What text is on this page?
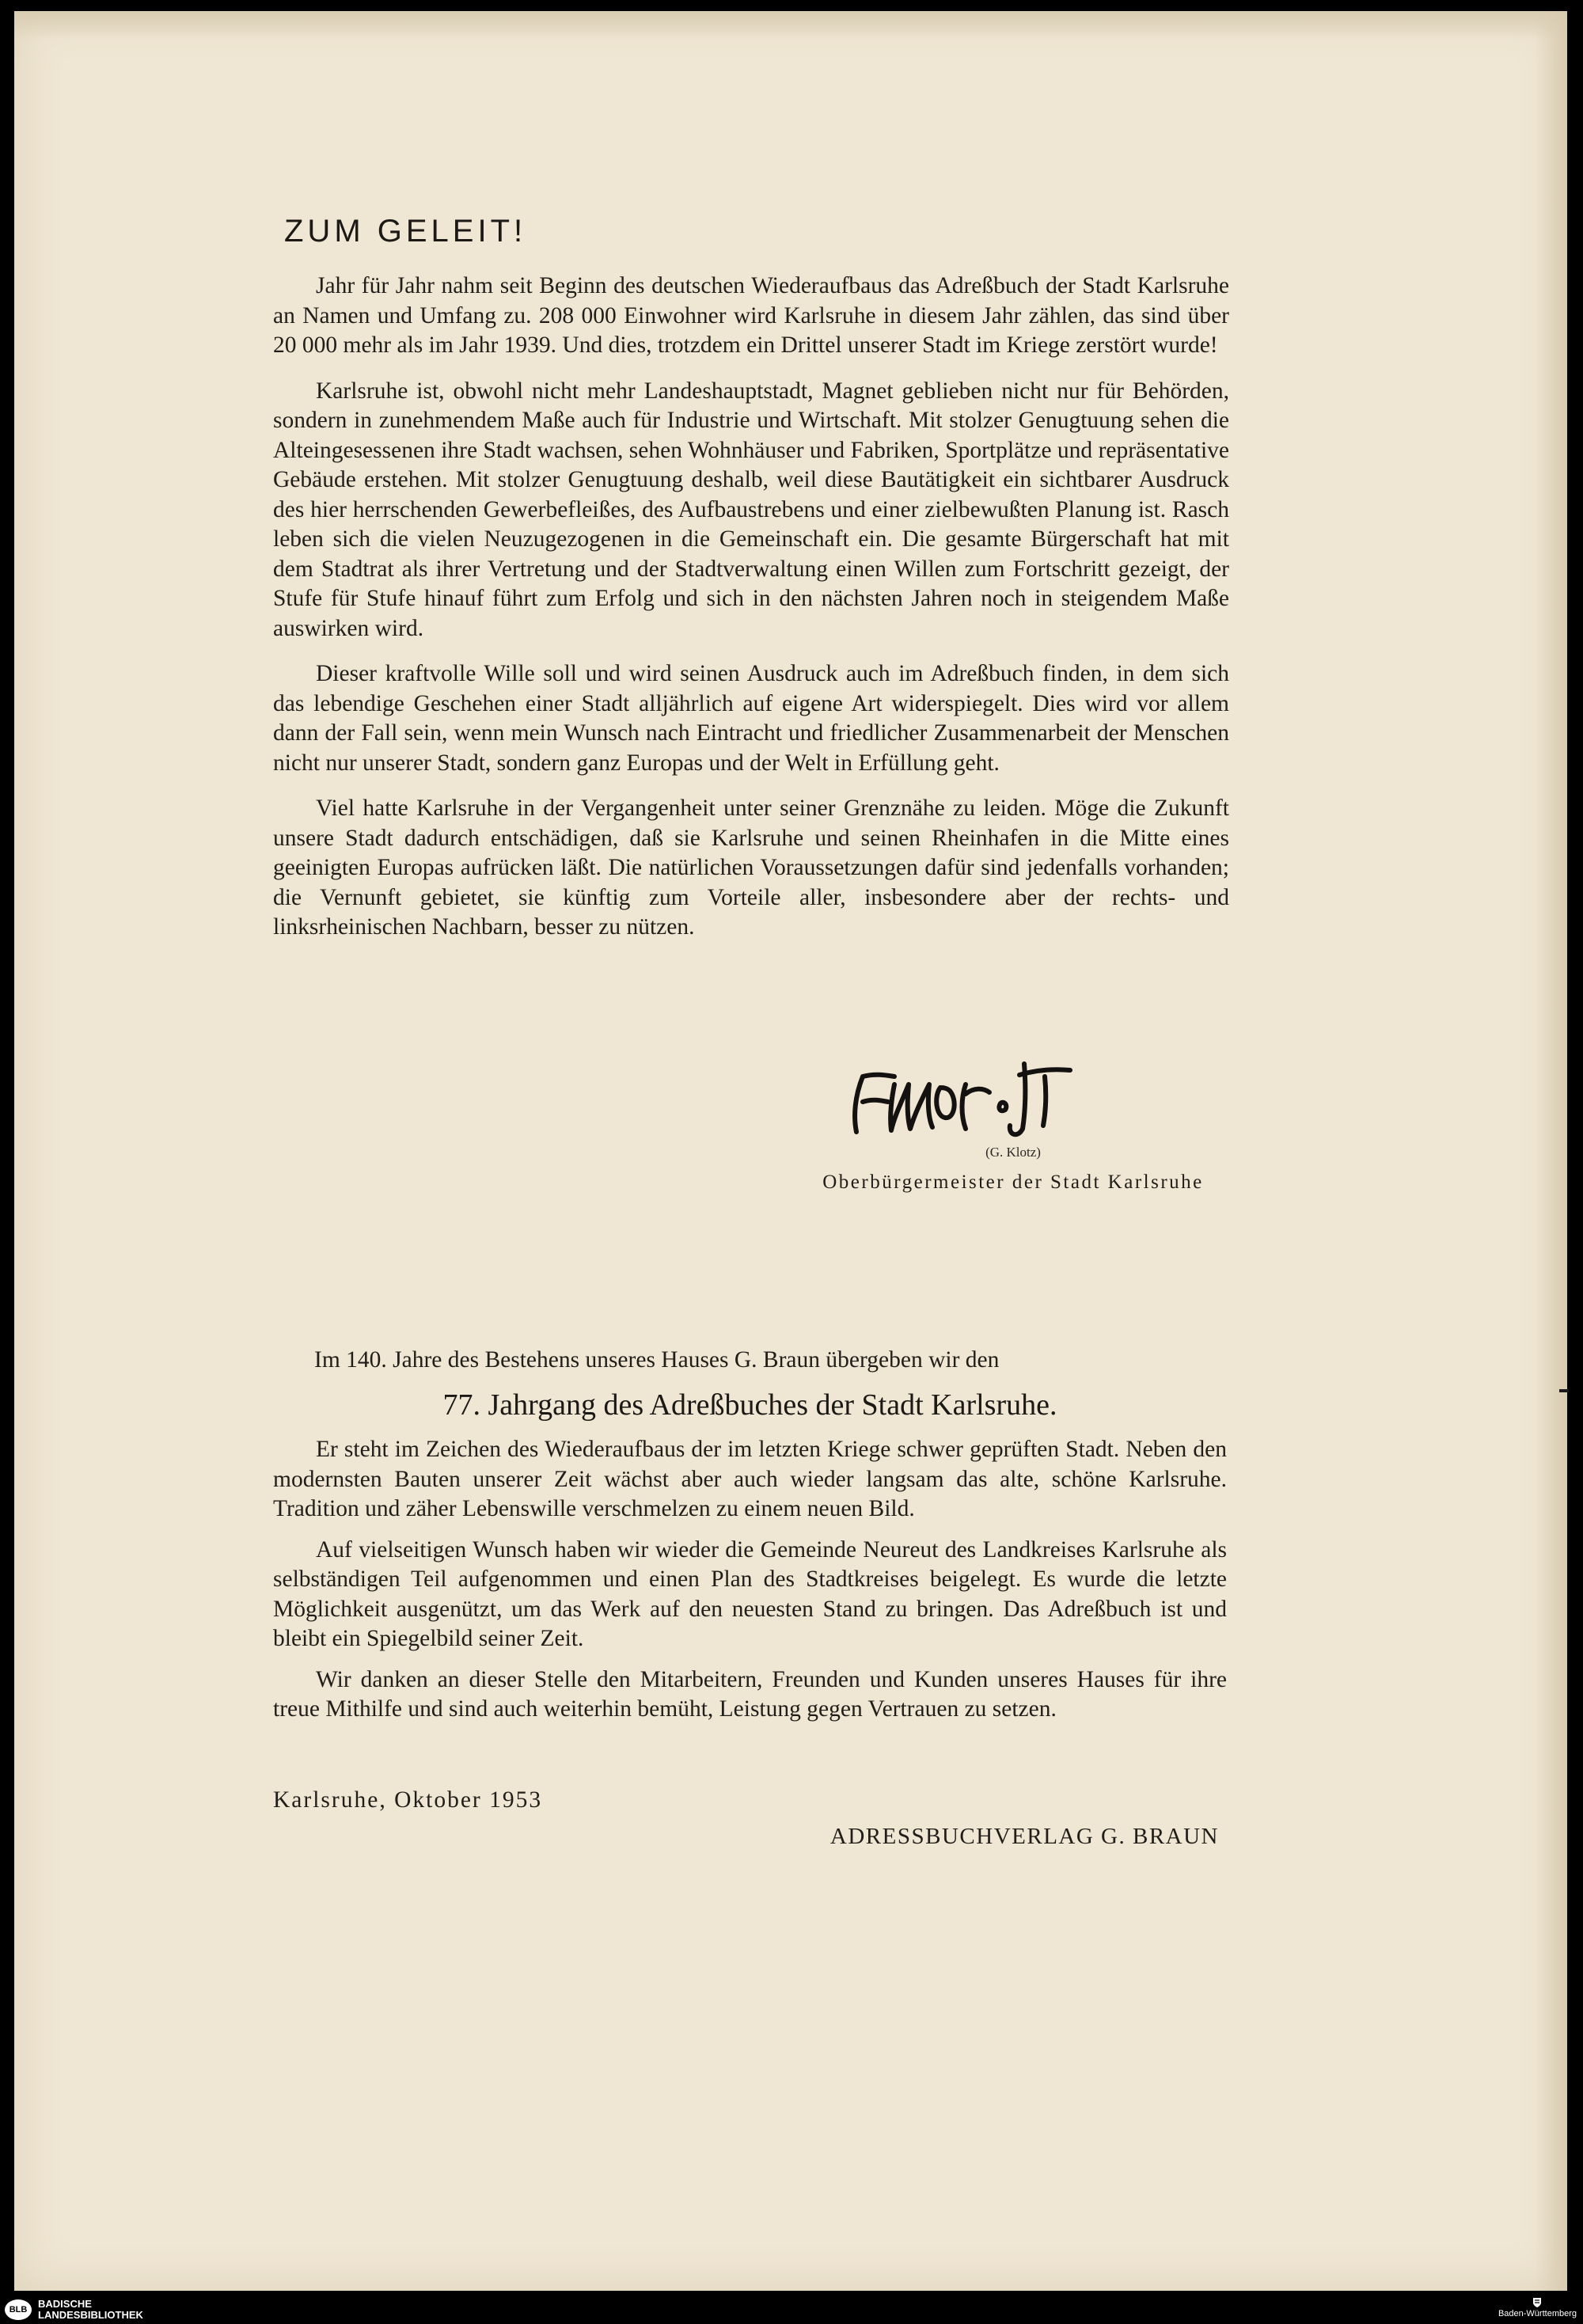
ZUM GELEIT!

Jahr für Jahr nahm seit Beginn des deutschen Wiederaufbaus das Adreßbuch der Stadt Karlsruhe an Namen und Umfang zu. 208 000 Einwohner wird Karlsruhe in diesem Jahr zählen, das sind über 20 000 mehr als im Jahr 1939. Und dies, trotzdem ein Drittel unserer Stadt im Kriege zerstört wurde!

Karlsruhe ist, obwohl nicht mehr Landeshauptstadt, Magnet geblieben nicht nur für Behörden, sondern in zunehmendem Maße auch für Industrie und Wirtschaft. Mit stolzer Genugtuung sehen die Alteingesessenen ihre Stadt wachsen, sehen Wohnhäuser und Fabriken, Sportplätze und repräsentative Gebäude erstehen. Mit stolzer Genugtuung deshalb, weil diese Bautätigkeit ein sichtbarer Ausdruck des hier herrschenden Gewerbefleißes, des Aufbaustrebens und einer zielbewußten Planung ist. Rasch leben sich die vielen Neuzugezogenen in die Gemeinschaft ein. Die gesamte Bürgerschaft hat mit dem Stadtrat als ihrer Vertretung und der Stadtverwaltung einen Willen zum Fortschritt gezeigt, der Stufe für Stufe hinauf führt zum Erfolg und sich in den nächsten Jahren noch in steigendem Maße auswirken wird.

Dieser kraftvolle Wille soll und wird seinen Ausdruck auch im Adreßbuch finden, in dem sich das lebendige Geschehen einer Stadt alljährlich auf eigene Art widerspiegelt. Dies wird vor allem dann der Fall sein, wenn mein Wunsch nach Eintracht und friedlicher Zusammenarbeit der Menschen nicht nur unserer Stadt, sondern ganz Europas und der Welt in Erfüllung geht.

Viel hatte Karlsruhe in der Vergangenheit unter seiner Grenznähe zu leiden. Möge die Zukunft unsere Stadt dadurch entschädigen, daß sie Karlsruhe und seinen Rheinhafen in die Mitte eines geeinigten Europas aufrücken läßt. Die natürlichen Voraussetzungen dafür sind jedenfalls vorhanden; die Vernunft gebietet, sie künftig zum Vorteile aller, insbesondere aber der rechts- und linksrheinischen Nachbarn, besser zu nützen.

(G. Klotz)
Oberbürgermeister der Stadt Karlsruhe
Im 140. Jahre des Bestehens unseres Hauses G. Braun übergeben wir den
77. Jahrgang des Adreßbuches der Stadt Karlsruhe.

Er steht im Zeichen des Wiederaufbaus der im letzten Kriege schwer geprüften Stadt. Neben den modernsten Bauten unserer Zeit wächst aber auch wieder langsam das alte, schöne Karlsruhe. Tradition und zäher Lebenswille verschmelzen zu einem neuen Bild.

Auf vielseitigen Wunsch haben wir wieder die Gemeinde Neureut des Landkreises Karlsruhe als selbständigen Teil aufgenommen und einen Plan des Stadtkreises beigelegt. Es wurde die letzte Möglichkeit ausgenützt, um das Werk auf den neuesten Stand zu bringen. Das Adreßbuch ist und bleibt ein Spiegelbild seiner Zeit.

Wir danken an dieser Stelle den Mitarbeitern, Freunden und Kunden unseres Hauses für ihre treue Mithilfe und sind auch weiterhin bemüht, Leistung gegen Vertrauen zu setzen.

Karlsruhe, Oktober 1953
ADRESSBUCHVERLAG G. BRAUN
BLB	BADISCHE
LANDESBIBLIOTHEK	Baden-Württemberg
